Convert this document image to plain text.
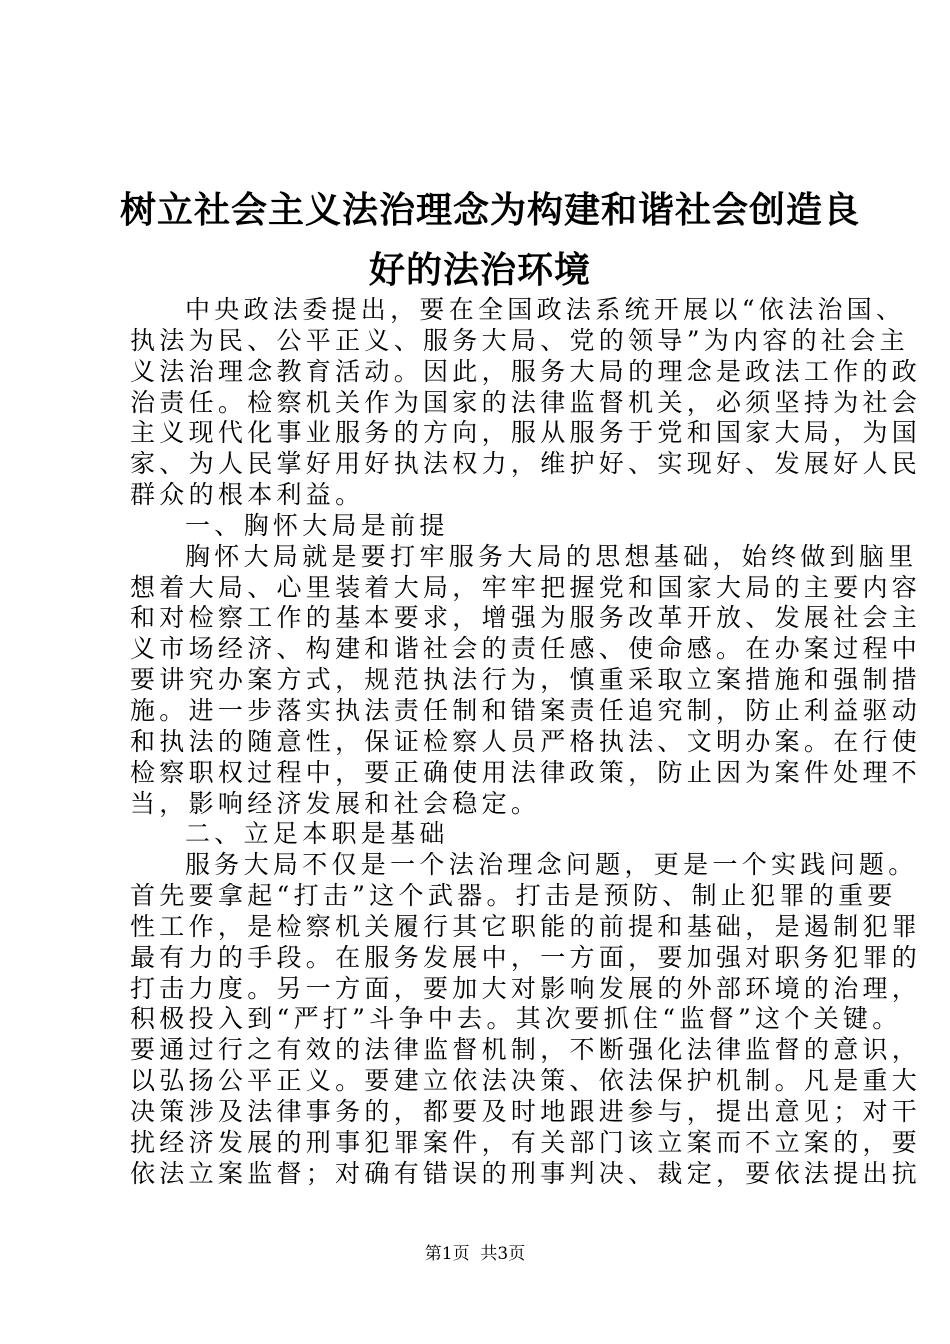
树立社会主义法治理念为构建和谐社会创造良
好的法治环境
中央政法委提出，要在全国政法系统开展以“依法治国、
执法为民、公平正义、服务大局、党的领导”为内容的社会主
义法治理念教育活动。因此，服务大局的理念是政法工作的政
治责任。检察机关作为国家的法律监督机关，必须坚持为社会
主义现代化事业服务的方向，服从服务于党和国家大局，为国
家、为人民掌好用好执法权力，维护好、实现好、发展好人民
群众的根本利益。
一、胸怀大局是前提
胸怀大局就是要打牢服务大局的思想基础，始终做到脑里
想着大局、心里装着大局，牢牢把握党和国家大局的主要内容
和对检察工作的基本要求，增强为服务改革开放、发展社会主
义市场经济、构建和谐社会的责任感、使命感。在办案过程中
要讲究办案方式，规范执法行为，慎重采取立案措施和强制措
施。进一步落实执法责任制和错案责任追究制，防止利益驱动
和执法的随意性，保证检察人员严格执法、文明办案。在行使
检察职权过程中，要正确使用法律政策，防止因为案件处理不
当，影响经济发展和社会稳定。
二、立足本职是基础
服务大局不仅是一个法治理念问题，更是一个实践问题。
首先要拿起“打击”这个武器。打击是预防、制止犯罪的重要
性工作，是检察机关履行其它职能的前提和基础，是遏制犯罪
最有力的手段。在服务发展中，一方面，要加强对职务犯罪的
打击力度。另一方面，要加大对影响发展的外部环境的治理，
积极投入到“严打”斗争中去。其次要抓住“监督”这个关键。
要通过行之有效的法律监督机制，不断强化法律监督的意识，
以弘扬公平正义。要建立依法决策、依法保护机制。凡是重大
决策涉及法律事务的，都要及时地跟进参与，提出意见；对干
扰经济发展的刑事犯罪案件，有关部门该立案而不立案的，要
依法立案监督；对确有错误的刑事判决、裁定，要依法提出抗
第1页  共3页
